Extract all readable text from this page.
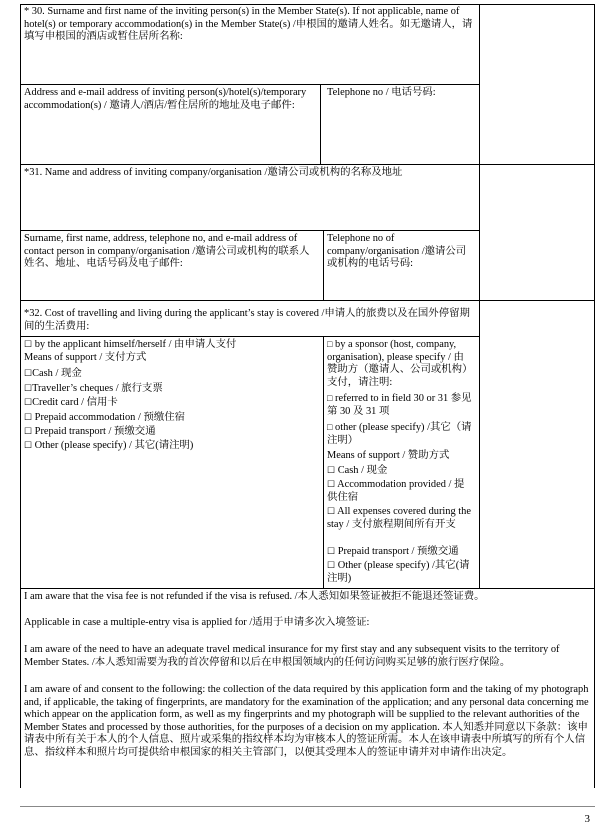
* 30. Surname and first name of the inviting person(s) in the Member State(s). If not applicable, name of hotel(s) or temporary accommodation(s) in the Member State(s) /申根国的邀请人姓名。如无邀请人，请填写申根国的酒店或暂住居所名称:
Address and e-mail address of inviting person(s)/hotel(s)/temporary accommodation(s) / 邀请人/酒店/暂住居所的地址及电子邮件:
Telephone no / 电话号码:
*31. Name and address of inviting company/organisation /邀请公司或机构的名称及地址
Surname, first name, address, telephone no, and e-mail address of contact person in company/organisation /邀请公司或机构的联系人姓名、地址、电话号码及电子邮件:
Telephone no of company/organisation /邀请公司或机构的电话号码:
*32. Cost of travelling and living during the applicant’s stay is covered /申请人的旅费以及在国外停留期间的生活费用:
☐ by the applicant himself/herself / 由申请人支付
Means of support / 支付方式
☐Cash / 现金
☐Traveller’s cheques / 旅行支票
☐Credit card / 信用卡
☐ Prepaid accommodation / 预缴住宿
☐ Prepaid transport / 预缴交通
☐ Other (please specify) / 其它(请注明)
□ by a sponsor (host, company, organisation), please specify / 由赞助方（邀请人、公司或机构）支付，请注明:
□ referred to in field 30 or 31 参见第 30 及 31 项
□ other (please specify) /其它（请注明）
Means of support / 赞助方式
☐ Cash / 现金
☐ Accommodation provided / 提供住宿
☐ All expenses covered during the stay / 支付旅程期间所有开支
☐ Prepaid transport / 预缴交通
☐ Other (please specify) /其它(请注明)
I am aware that the visa fee is not refunded if the visa is refused. /本人悉知如果签证被拒不能退还签证费。
Applicable in case a multiple-entry visa is applied for /适用于申请多次入境签证:
I am aware of the need to have an adequate travel medical insurance for my first stay and any subsequent visits to the territory of Member States. /本人悉知需要为我的首次停留和以后在申根国领域内的任何访问购买足够的旅行医疗保险。
I am aware of and consent to the following: the collection of the data required by this application form and the taking of my photograph and, if applicable, the taking of fingerprints, are mandatory for the examination of the application; and any personal data concerning me which appear on the application form, as well as my fingerprints and my photograph will be supplied to the relevant authorities of the Member States and processed by those authorities, for the purposes of a decision on my application. 本人知悉并同意以下条款：该申请表中所有关于本人的个人信息、照片或采集的指纹样本均为审核本人的签证所需。本人在该申请表中所填写的所有个人信息、指纹样本和照片均可提供给申根国家的相关主管部门，以便其受理本人的签证申请并对申请作出决定。
3
